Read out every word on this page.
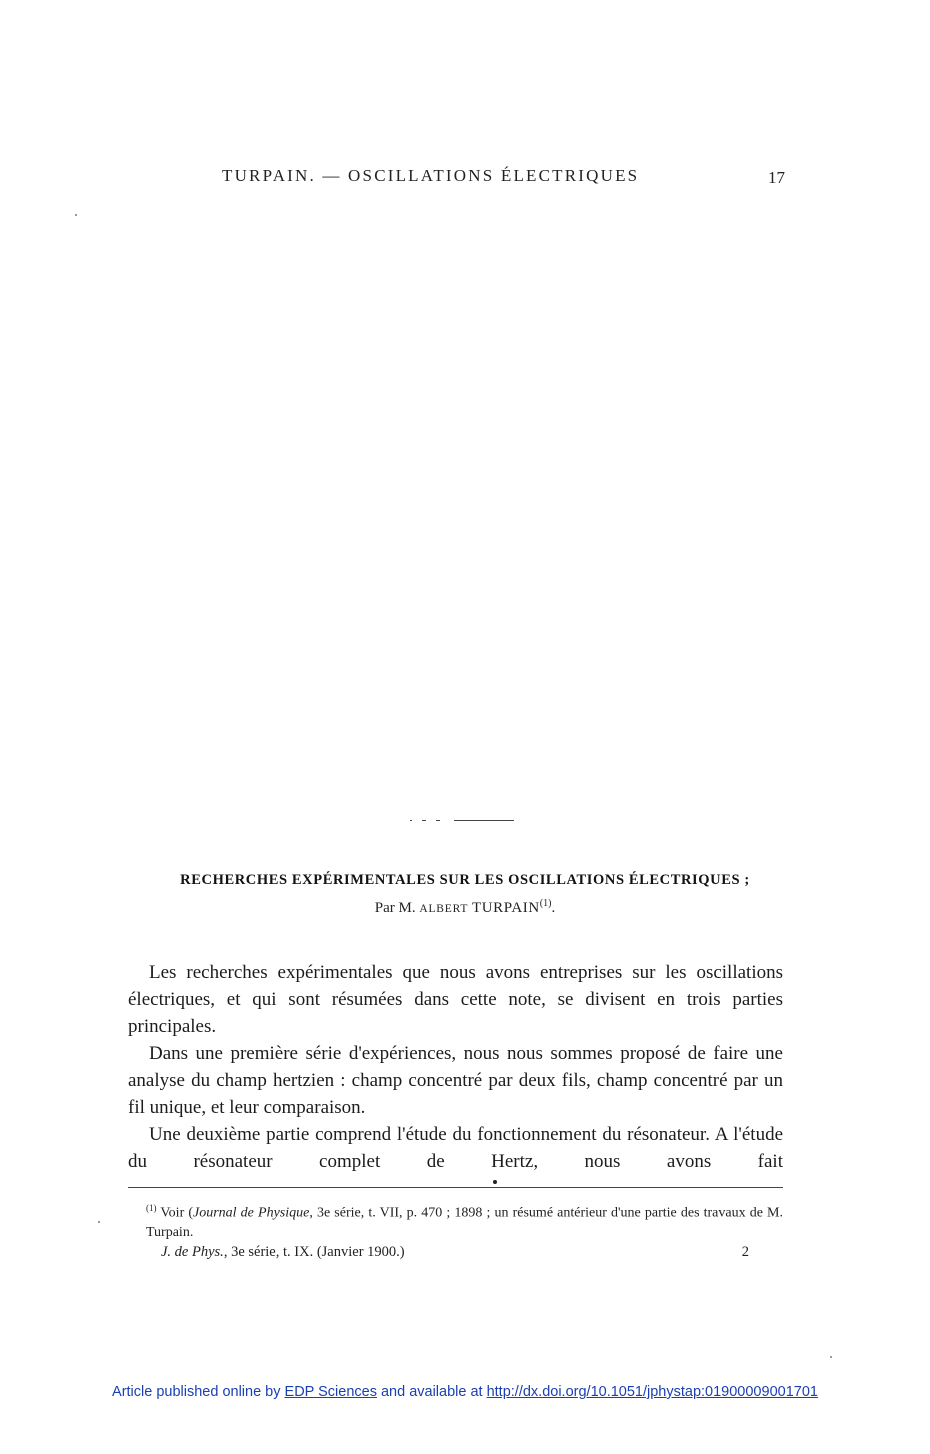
TURPAIN. — OSCILLATIONS ÉLECTRIQUES	17
RECHERCHES EXPÉRIMENTALES SUR LES OSCILLATIONS ÉLECTRIQUES ;
Par M. ALBERT TURPAIN$^{(1)}$.

Les recherches expérimentales que nous avons entreprises sur les oscillations électriques, et qui sont résumées dans cette note, se divisent en trois parties principales.

Dans une première série d'expériences, nous nous sommes proposé de faire une analyse du champ hertzien : champ concentré par deux fils, champ concentré par un fil unique, et leur comparaison.

Une deuxième partie comprend l'étude du fonctionnement du résonateur. A l'étude du résonateur complet de Hertz, nous avons fait

$^{(1)}$ Voir (Journal de Physique, 3e série, t. VII, p. 470 ; 1898 ; un résumé antérieur d'une partie des travaux de M. Turpain.
J. de Phys., 3e série, t. IX. (Janvier 1900.)	2
Article published online by EDP Sciences and available at http://dx.doi.org/10.1051/jphystap:01900009001701
